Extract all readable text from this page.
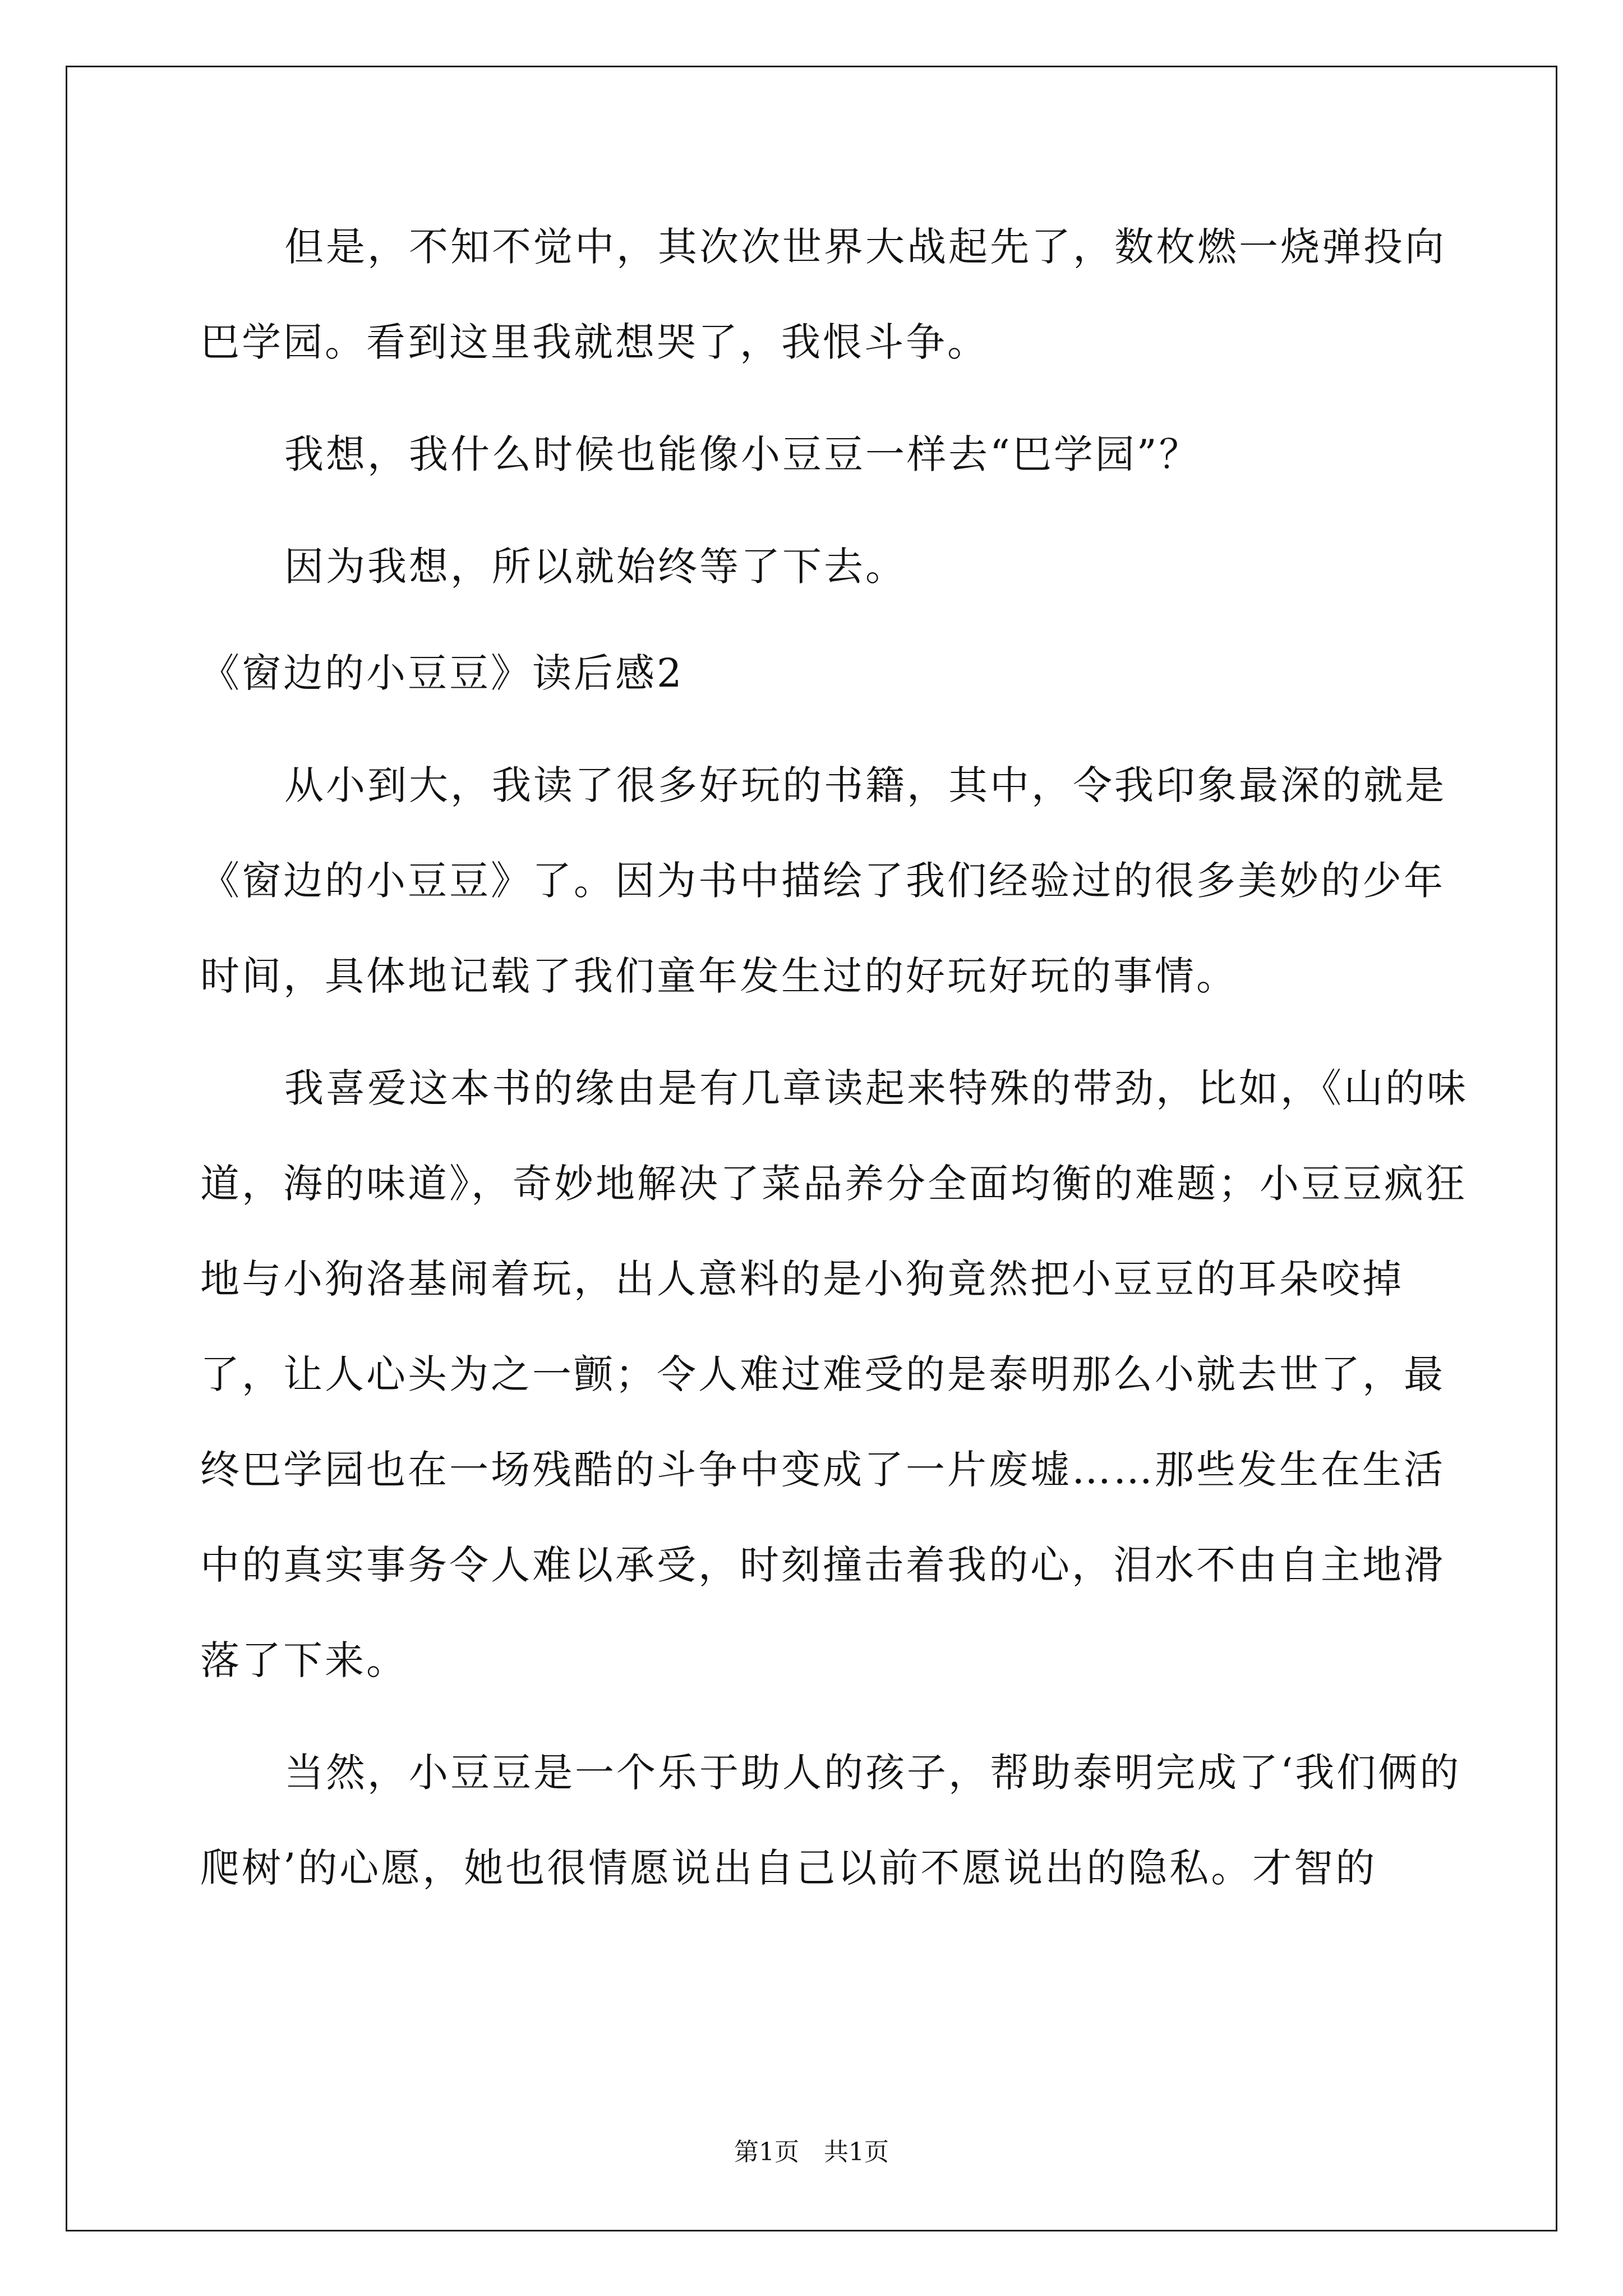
但是，不知不觉中，其次次世界大战起先了，数枚燃一烧弹投向巴学园。看到这里我就想哭了，我恨斗争。

我想，我什么时候也能像小豆豆一样去“巴学园”？

因为我想，所以就始终等了下去。

《窗边的小豆豆》读后感2

从小到大，我读了很多好玩的书籍，其中，令我印象最深的就是《窗边的小豆豆》了。因为书中描绘了我们经验过的很多美妙的少年时间，具体地记载了我们童年发生过的好玩好玩的事情。

我喜爱这本书的缘由是有几章读起来特殊的带劲，比如，《山的味道，海的味道》，奇妙地解决了菜品养分全面均衡的难题；小豆豆疯狂地与小狗洛基闹着玩，出人意料的是小狗竟然把小豆豆的耳朵咬掉了，让人心头为之一颤；令人难过难受的是泰明那么小就去世了，最终巴学园也在一场残酷的斗争中变成了一片废墟……那些发生在生活中的真实事务令人难以承受，时刻撞击着我的心，泪水不由自主地滑落了下来。

当然，小豆豆是一个乐于助人的孩子，帮助泰明完成了‘我们俩的爬树’的心愿，她也很情愿说出自己以前不愿说出的隐私。才智的

第1页　共1页
